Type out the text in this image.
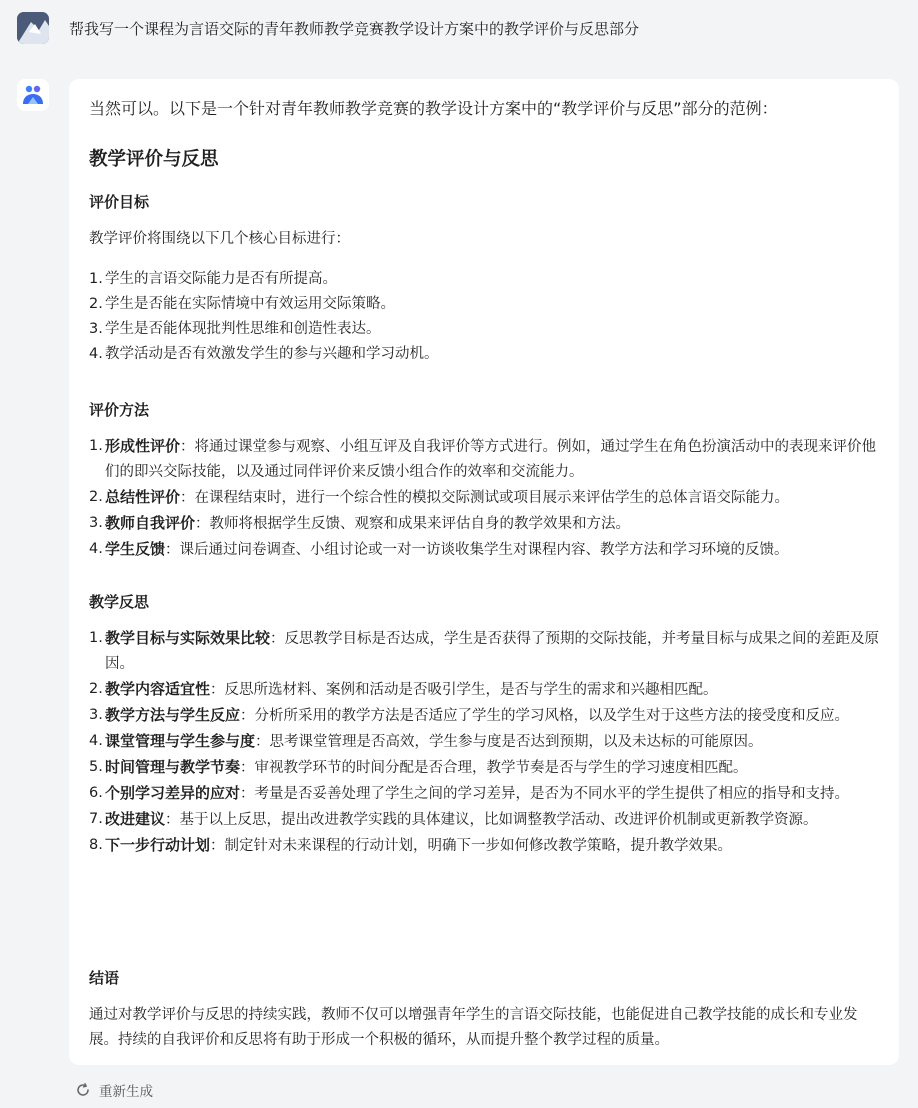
帮我写一个课程为言语交际的青年教师教学竞赛教学设计方案中的教学评价与反思部分
当然可以。以下是一个针对青年教师教学竞赛的教学设计方案中的“教学评价与反思”部分的范例：
教学评价与反思
评价目标
教学评价将围绕以下几个核心目标进行：
1. 学生的言语交际能力是否有所提高。
2. 学生是否能在实际情境中有效运用交际策略。
3. 学生是否能体现批判性思维和创造性表达。
4. 教学活动是否有效激发学生的参与兴趣和学习动机。
评价方法
1. 形成性评价：将通过课堂参与观察、小组互评及自我评价等方式进行。例如，通过学生在角色扮演活动中的表现来评价他们的即兴交际技能，以及通过同伴评价来反馈小组合作的效率和交流能力。
2. 总结性评价：在课程结束时，进行一个综合性的模拟交际测试或项目展示来评估学生的总体言语交际能力。
3. 教师自我评价：教师将根据学生反馈、观察和成果来评估自身的教学效果和方法。
4. 学生反馈：课后通过问卷调查、小组讨论或一对一访谈收集学生对课程内容、教学方法和学习环境的反馈。
教学反思
1. 教学目标与实际效果比较：反思教学目标是否达成，学生是否获得了预期的交际技能，并考量目标与成果之间的差距及原因。
2. 教学内容适宜性：反思所选材料、案例和活动是否吸引学生，是否与学生的需求和兴趣相匹配。
3. 教学方法与学生反应：分析所采用的教学方法是否适应了学生的学习风格，以及学生对于这些方法的接受度和反应。
4. 课堂管理与学生参与度：思考课堂管理是否高效，学生参与度是否达到预期，以及未达标的可能原因。
5. 时间管理与教学节奏：审视教学环节的时间分配是否合理，教学节奏是否与学生的学习速度相匹配。
6. 个别学习差异的应对：考量是否妥善处理了学生之间的学习差异，是否为不同水平的学生提供了相应的指导和支持。
7. 改进建议：基于以上反思，提出改进教学实践的具体建议，比如调整教学活动、改进评价机制或更新教学资源。
8. 下一步行动计划：制定针对未来课程的行动计划，明确下一步如何修改教学策略，提升教学效果。
结语
通过对教学评价与反思的持续实践，教师不仅可以增强青年学生的言语交际技能，也能促进自己教学技能的成长和专业发展。持续的自我评价和反思将有助于形成一个积极的循环，从而提升整个教学过程的质量。
重新生成
